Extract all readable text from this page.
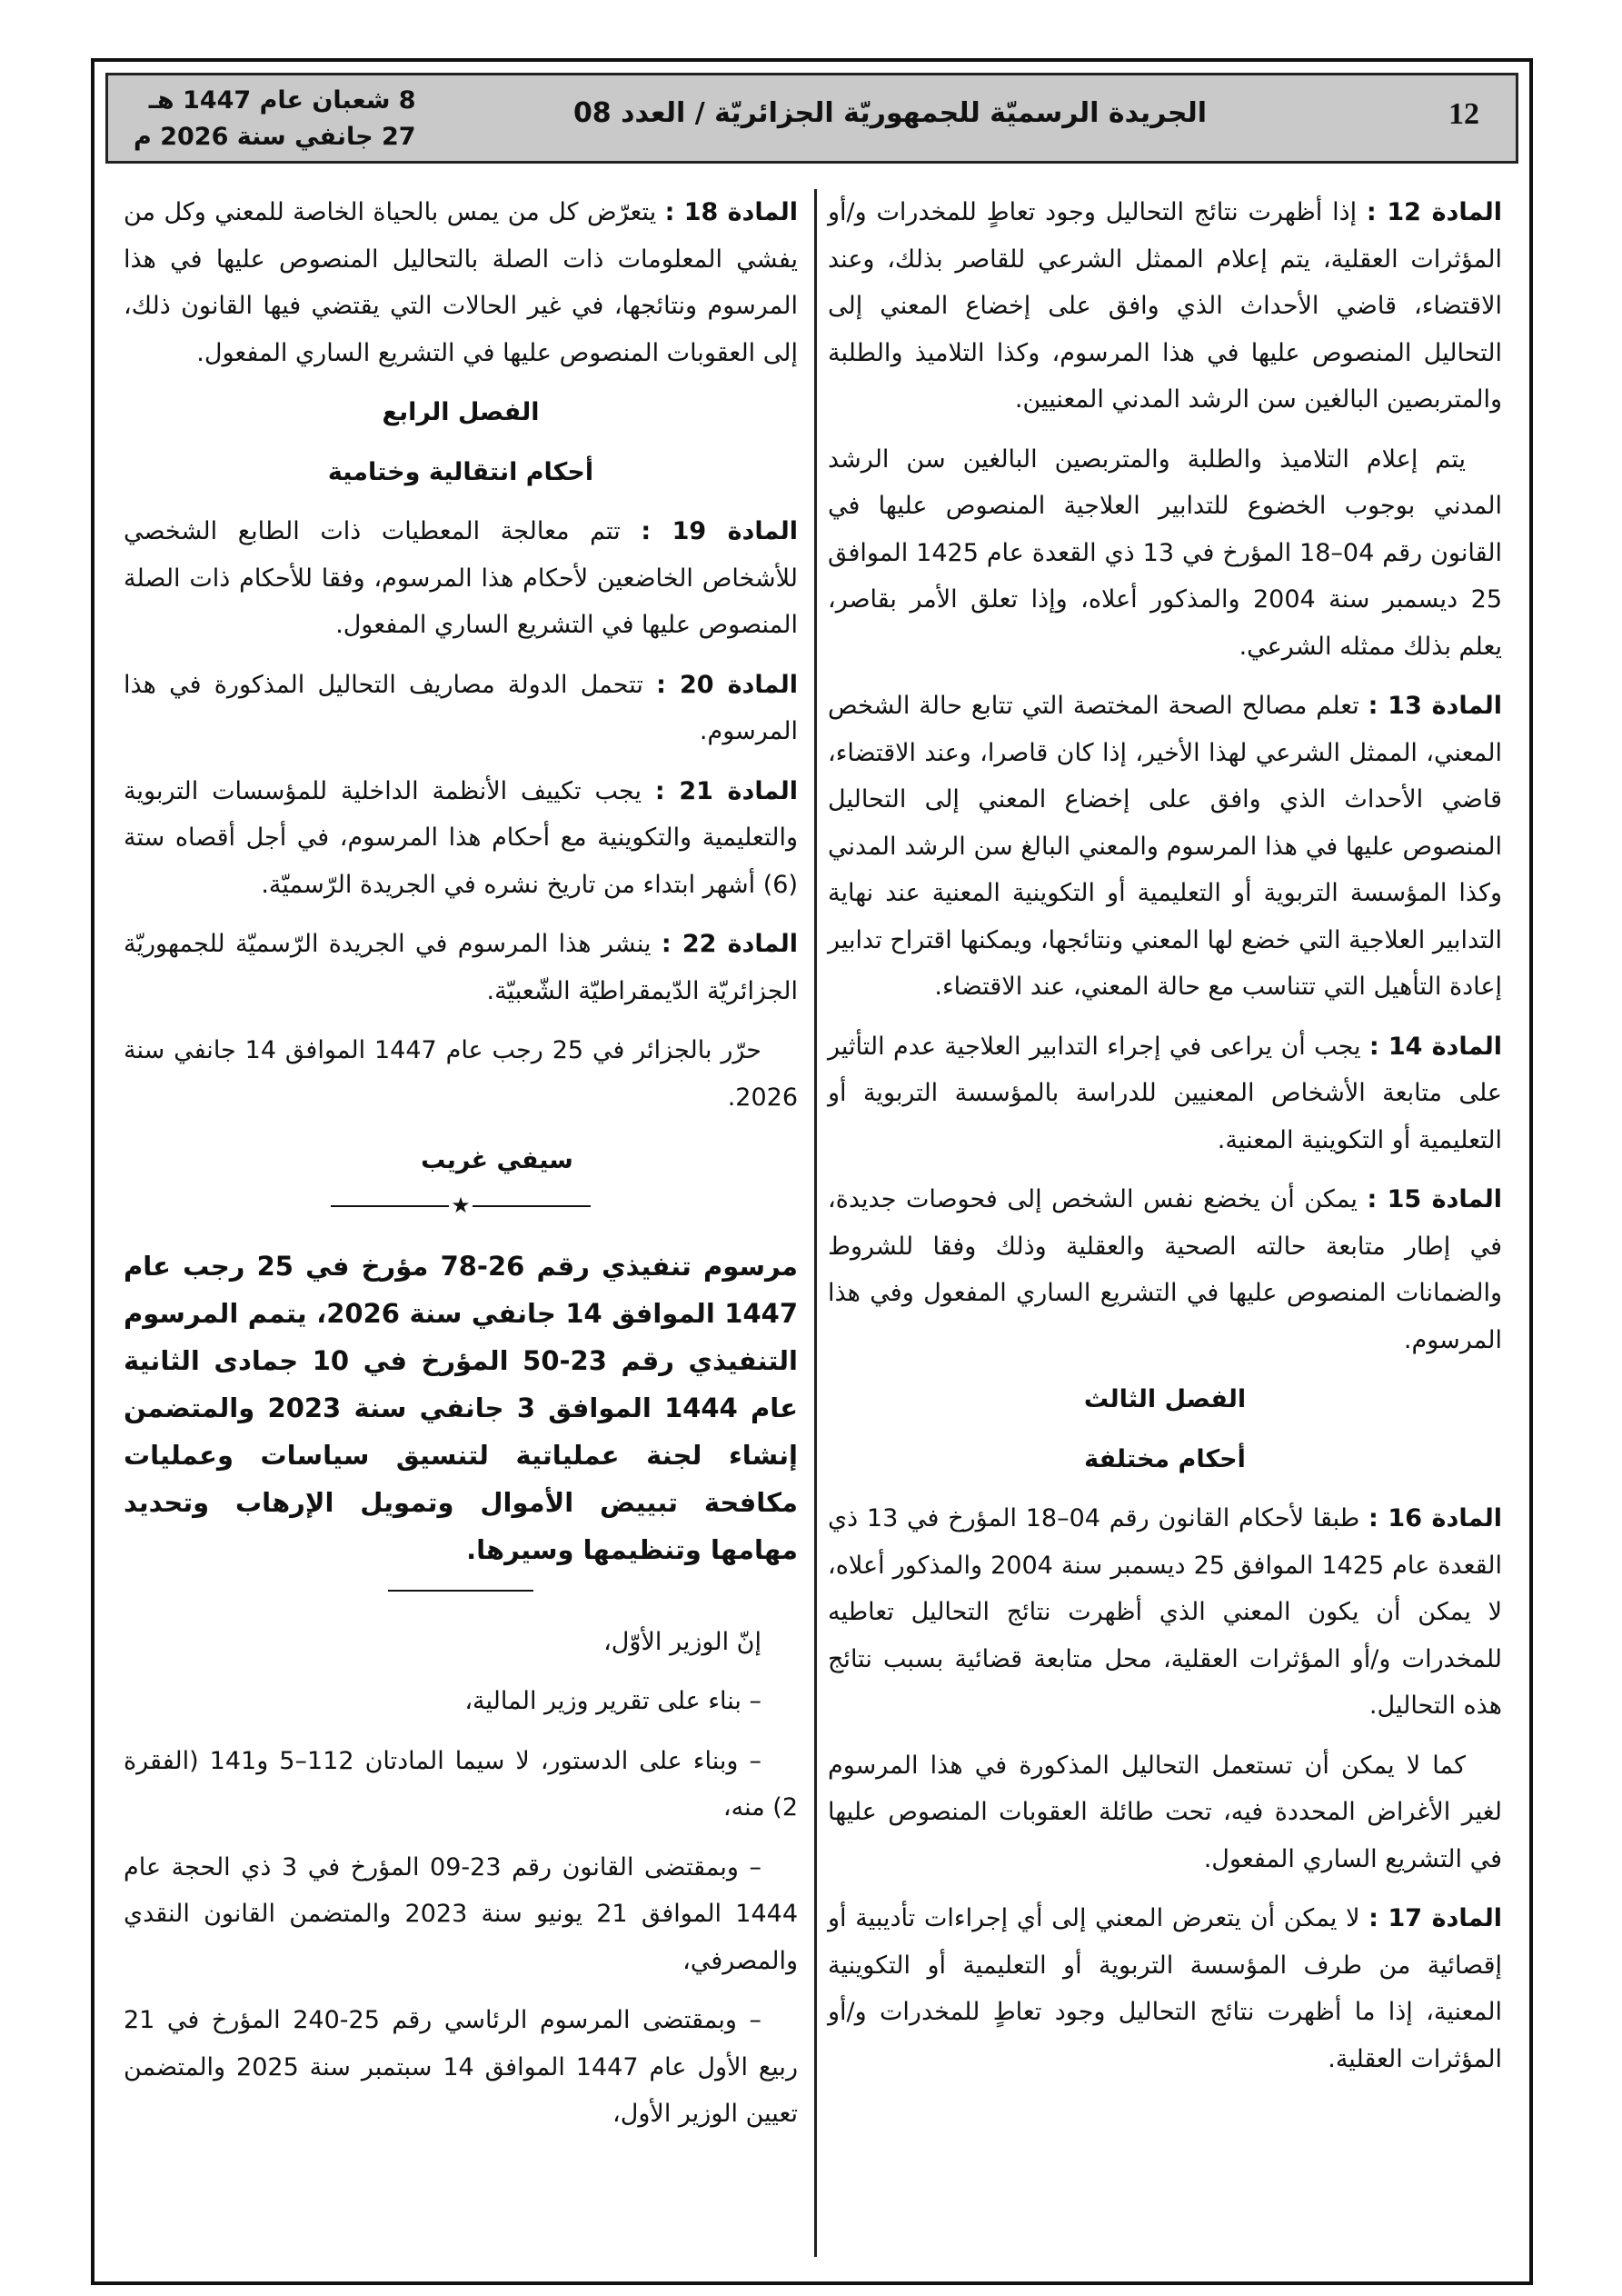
12
الجريدة الرسميّة للجمهوريّة الجزائريّة / العدد 08
8 شعبان عام 1447 هـ
27 جانفي سنة 2026 م

المادة 12 : إذا أظهرت نتائج التحاليل وجود تعاطٍ للمخدرات و/أو المؤثرات العقلية، يتم إعلام الممثل الشرعي للقاصر بذلك، وعند الاقتضاء، قاضي الأحداث الذي وافق على إخضاع المعني إلى التحاليل المنصوص عليها في هذا المرسوم، وكذا التلاميذ والطلبة والمتربصين البالغين سن الرشد المدني المعنيين.

يتم إعلام التلاميذ والطلبة والمتربصين البالغين سن الرشد المدني بوجوب الخضوع للتدابير العلاجية المنصوص عليها في القانون رقم 04–18 المؤرخ في 13 ذي القعدة عام 1425 الموافق 25 ديسمبر سنة 2004 والمذكور أعلاه، وإذا تعلق الأمر بقاصر، يعلم بذلك ممثله الشرعي.

المادة 13 : تعلم مصالح الصحة المختصة التي تتابع حالة الشخص المعني، الممثل الشرعي لهذا الأخير، إذا كان قاصرا، وعند الاقتضاء، قاضي الأحداث الذي وافق على إخضاع المعني إلى التحاليل المنصوص عليها في هذا المرسوم والمعني البالغ سن الرشد المدني وكذا المؤسسة التربوية أو التعليمية أو التكوينية المعنية عند نهاية التدابير العلاجية التي خضع لها المعني ونتائجها، ويمكنها اقتراح تدابير إعادة التأهيل التي تتناسب مع حالة المعني، عند الاقتضاء.

المادة 14 : يجب أن يراعى في إجراء التدابير العلاجية عدم التأثير على متابعة الأشخاص المعنيين للدراسة بالمؤسسة التربوية أو التعليمية أو التكوينية المعنية.

المادة 15 : يمكن أن يخضع نفس الشخص إلى فحوصات جديدة، في إطار متابعة حالته الصحية والعقلية وذلك وفقا للشروط والضمانات المنصوص عليها في التشريع الساري المفعول وفي هذا المرسوم.

الفصل الثالث
أحكام مختلفة

المادة 16 : طبقا لأحكام القانون رقم 04–18 المؤرخ في 13 ذي القعدة عام 1425 الموافق 25 ديسمبر سنة 2004 والمذكور أعلاه، لا يمكن أن يكون المعني الذي أظهرت نتائج التحاليل تعاطيه للمخدرات و/أو المؤثرات العقلية، محل متابعة قضائية بسبب نتائج هذه التحاليل.

كما لا يمكن أن تستعمل التحاليل المذكورة في هذا المرسوم لغير الأغراض المحددة فيه، تحت طائلة العقوبات المنصوص عليها في التشريع الساري المفعول.

المادة 17 : لا يمكن أن يتعرض المعني إلى أي إجراءات تأديبية أو إقصائية من طرف المؤسسة التربوية أو التعليمية أو التكوينية المعنية، إذا ما أظهرت نتائج التحاليل وجود تعاطٍ للمخدرات و/أو المؤثرات العقلية.

المادة 18 : يتعرّض كل من يمس بالحياة الخاصة للمعني وكل من يفشي المعلومات ذات الصلة بالتحاليل المنصوص عليها في هذا المرسوم ونتائجها، في غير الحالات التي يقتضي فيها القانون ذلك، إلى العقوبات المنصوص عليها في التشريع الساري المفعول.

الفصل الرابع
أحكام انتقالية وختامية

المادة 19 : تتم معالجة المعطيات ذات الطابع الشخصي للأشخاص الخاضعين لأحكام هذا المرسوم، وفقا للأحكام ذات الصلة المنصوص عليها في التشريع الساري المفعول.

المادة 20 : تتحمل الدولة مصاريف التحاليل المذكورة في هذا المرسوم.

المادة 21 : يجب تكييف الأنظمة الداخلية للمؤسسات التربوية والتعليمية والتكوينية مع أحكام هذا المرسوم، في أجل أقصاه ستة (6) أشهر ابتداء من تاريخ نشره في الجريدة الرّسميّة.

المادة 22 : ينشر هذا المرسوم في الجريدة الرّسميّة للجمهوريّة الجزائريّة الدّيمقراطيّة الشّعبيّة.

حرّر بالجزائر في 25 رجب عام 1447 الموافق 14 جانفي سنة 2026.

سيفي غريب
★
مرسوم تنفيذي رقم 26-78 مؤرخ في 25 رجب عام 1447 الموافق 14 جانفي سنة 2026، يتمم المرسوم التنفيذي رقم 23-50 المؤرخ في 10 جمادى الثانية عام 1444 الموافق 3 جانفي سنة 2023 والمتضمن إنشاء لجنة عملياتية لتنسيق سياسات وعمليات مكافحة تبييض الأموال وتمويل الإرهاب وتحديد مهامها وتنظيمها وسيرها.

إنّ الوزير الأوّل،

– بناء على تقرير وزير المالية،

– وبناء على الدستور، لا سيما المادتان 112–5 و141 (الفقرة 2) منه،

– وبمقتضى القانون رقم 23-09 المؤرخ في 3 ذي الحجة عام 1444 الموافق 21 يونيو سنة 2023 والمتضمن القانون النقدي والمصرفي،

– وبمقتضى المرسوم الرئاسي رقم 25-240 المؤرخ في 21 ربيع الأول عام 1447 الموافق 14 سبتمبر سنة 2025 والمتضمن تعيين الوزير الأول،
